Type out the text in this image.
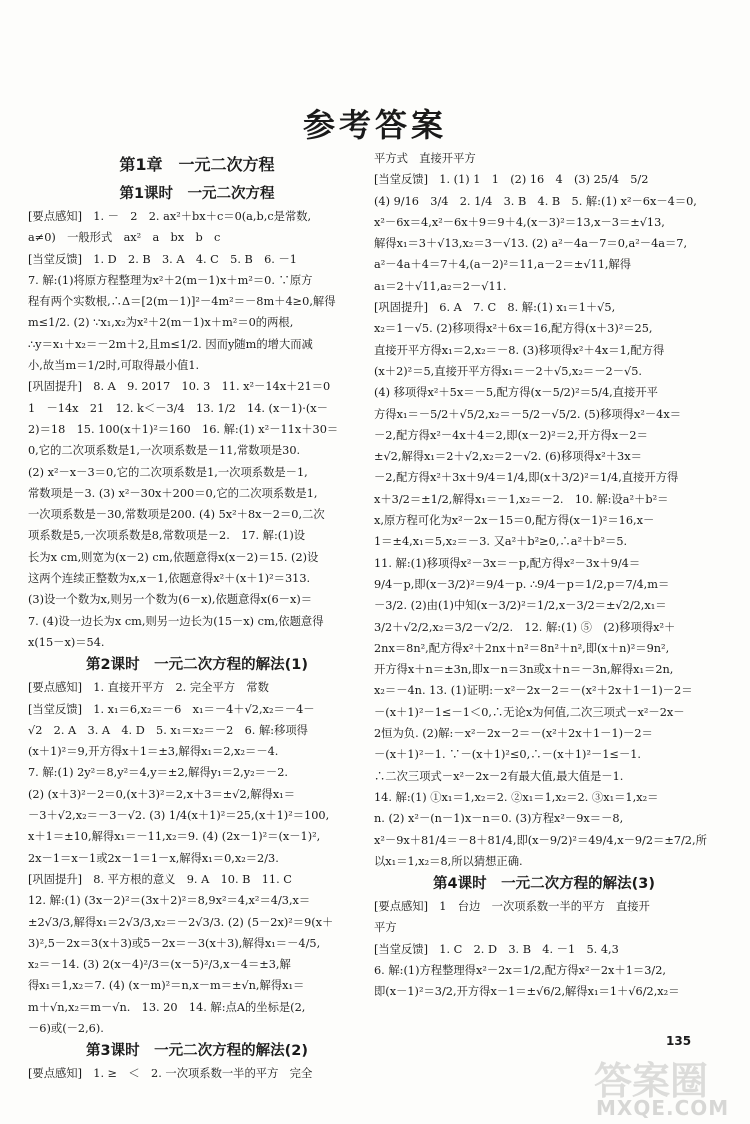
参考答案
第1章　一元二次方程
第1课时　一元二次方程

[要点感知]　1. －　2　2. ax²＋bx＋c＝0(a,b,c是常数,

a≠0)　一般形式　ax²　a　bx　b　c

[当堂反馈]　1. D　2. B　3. A　4. C　5. B　6. －1

7. 解:(1)将原方程整理为x²＋2(m－1)x＋m²＝0. ∵原方

程有两个实数根,∴Δ＝[2(m－1)]²－4m²＝－8m＋4≥0,解得

m≤1/2. (2) ∵x₁,x₂为x²＋2(m－1)x＋m²＝0的两根,

∴y＝x₁＋x₂＝－2m＋2,且m≤1/2. 因而y随m的增大而减

小,故当m＝1/2时,可取得最小值1.

[巩固提升]　8. A　9. 2017　10. 3　11. x²－14x＋21＝0

1　－14x　21　12. k＜－3/4　13. 1/2　14. (x－1)·(x－

2)＝18　15. 100(x＋1)²＝160　16. 解:(1) x²－11x＋30＝

0,它的二次项系数是1,一次项系数是－11,常数项是30.

(2) x²－x－3＝0,它的二次项系数是1,一次项系数是－1,

常数项是－3. (3) x²－30x＋200＝0,它的二次项系数是1,

一次项系数是－30,常数项是200. (4) 5x²＋8x－2＝0,二次

项系数是5,一次项系数是8,常数项是－2.　17. 解:(1)设

长为x cm,则宽为(x－2) cm,依题意得x(x－2)＝15. (2)设

这两个连续正整数为x,x－1,依题意得x²＋(x＋1)²＝313.

(3)设一个数为x,则另一个数为(6－x),依题意得x(6－x)＝

7. (4)设一边长为x cm,则另一边长为(15－x) cm,依题意得

x(15－x)＝54.

第2课时　一元二次方程的解法(1)

[要点感知]　1. 直接开平方　2. 完全平方　常数

[当堂反馈]　1. x₁＝6,x₂＝－6　x₁＝－4＋√2,x₂＝－4－

√2　2. A　3. A　4. D　5. x₁＝x₂＝－2　6. 解:移项得

(x＋1)²＝9,开方得x＋1＝±3,解得x₁＝2,x₂＝－4.

7. 解:(1) 2y²＝8,y²＝4,y＝±2,解得y₁＝2,y₂＝－2.

(2) (x＋3)²－2＝0,(x＋3)²＝2,x＋3＝±√2,解得x₁＝

－3＋√2,x₂＝－3－√2. (3) 1/4(x＋1)²＝25,(x＋1)²＝100,

x＋1＝±10,解得x₁＝－11,x₂＝9. (4) (2x－1)²＝(x－1)²,

2x－1＝x－1或2x－1＝1－x,解得x₁＝0,x₂＝2/3.

[巩固提升]　8. 平方根的意义　9. A　10. B　11. C

12. 解:(1) (3x－2)²＝(3x＋2)²＝8,9x²＝4,x²＝4/3,x＝

±2√3/3,解得x₁＝2√3/3,x₂＝－2√3/3. (2) (5－2x)²＝9(x＋

3)²,5－2x＝3(x＋3)或5－2x＝－3(x＋3),解得x₁＝－4/5,

x₂＝－14. (3) 2(x－4)²/3＝(x－5)²/3,x－4＝±3,解

得x₁＝1,x₂＝7. (4) (x－m)²＝n,x－m＝±√n,解得x₁＝

m＋√n,x₂＝m－√n.　13. 20　14. 解:点A的坐标是(2,

－6)或(－2,6).

第3课时　一元二次方程的解法(2)

[要点感知]　1. ≥　＜　2. 一次项系数一半的平方　完全

平方式　直接开平方

[当堂反馈]　1. (1) 1　1　(2) 16　4　(3) 25/4　5/2

(4) 9/16　3/4　2. 1/4　3. B　4. B　5. 解:(1) x²－6x－4＝0,

x²－6x＝4,x²－6x＋9＝9＋4,(x－3)²＝13,x－3＝±√13,

解得x₁＝3＋√13,x₂＝3－√13. (2) a²－4a－7＝0,a²－4a＝7,

a²－4a＋4＝7＋4,(a－2)²＝11,a－2＝±√11,解得

a₁＝2＋√11,a₂＝2－√11.

[巩固提升]　6. A　7. C　8. 解:(1) x₁＝1＋√5,

x₂＝1－√5. (2)移项得x²＋6x＝16,配方得(x＋3)²＝25,

直接开平方得x₁＝2,x₂＝－8. (3)移项得x²＋4x＝1,配方得

(x＋2)²＝5,直接开平方得x₁＝－2＋√5,x₂＝－2－√5.

(4) 移项得x²＋5x＝－5,配方得(x－5/2)²＝5/4,直接开平

方得x₁＝－5/2＋√5/2,x₂＝－5/2－√5/2. (5)移项得x²－4x＝

－2,配方得x²－4x＋4＝2,即(x－2)²＝2,开方得x－2＝

±√2,解得x₁＝2＋√2,x₂＝2－√2. (6)移项得x²＋3x＝

－2,配方得x²＋3x＋9/4＝1/4,即(x＋3/2)²＝1/4,直接开方得

x＋3/2＝±1/2,解得x₁＝－1,x₂＝－2.　10. 解:设a²＋b²＝

x,原方程可化为x²－2x－15＝0,配方得(x－1)²＝16,x－

1＝±4,x₁＝5,x₂＝－3. 又a²＋b²≥0,∴a²＋b²＝5.

11. 解:(1)移项得x²－3x＝－p,配方得x²－3x＋9/4＝

9/4－p,即(x－3/2)²＝9/4－p. ∴9/4－p＝1/2,p＝7/4,m＝

－3/2. (2)由(1)中知(x－3/2)²＝1/2,x－3/2＝±√2/2,x₁＝

3/2＋√2/2,x₂＝3/2－√2/2.　12. 解:(1) ⑤　(2)移项得x²＋

2nx＝8n²,配方得x²＋2nx＋n²＝8n²＋n²,即(x＋n)²＝9n²,

开方得x＋n＝±3n,即x－n＝3n或x＋n＝－3n,解得x₁＝2n,

x₂＝－4n. 13. (1)证明:－x²－2x－2＝－(x²＋2x＋1－1)－2＝

－(x＋1)²－1≤－1＜0,∴无论x为何值,二次三项式－x²－2x－

2恒为负. (2)解:－x²－2x－2＝－(x²＋2x＋1－1)－2＝

－(x＋1)²－1. ∵－(x＋1)²≤0,∴－(x＋1)²－1≤－1.

∴二次三项式－x²－2x－2有最大值,最大值是－1.

14. 解:(1) ①x₁＝1,x₂＝2. ②x₁＝1,x₂＝2. ③x₁＝1,x₂＝

n. (2) x²－(n－1)x－n＝0. (3)方程x²－9x＝－8,

x²－9x＋81/4＝－8＋81/4,即(x－9/2)²＝49/4,x－9/2＝±7/2,所

以x₁＝1,x₂＝8,所以猜想正确.

第4课时　一元二次方程的解法(3)

[要点感知]　1　台边　一次项系数一半的平方　直接开

平方

[当堂反馈]　1. C　2. D　3. B　4. －1　5. 4,3

6. 解:(1)方程整理得x²－2x＝1/2,配方得x²－2x＋1＝3/2,

即(x－1)²＝3/2,开方得x－1＝±√6/2,解得x₁＝1＋√6/2,x₂＝

135
答案圈
MXQE.COM
